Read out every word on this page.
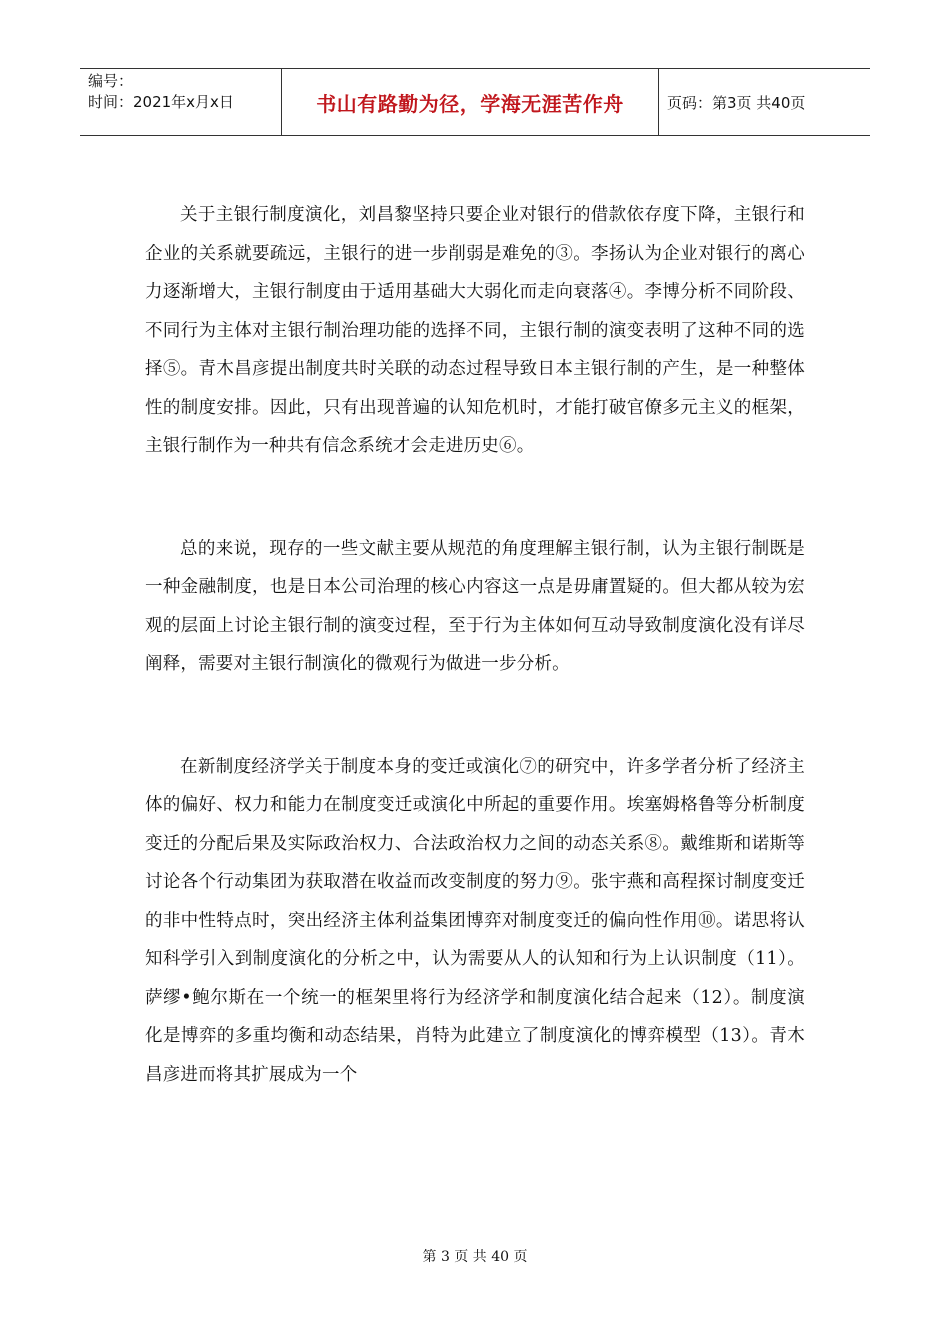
编号：
时间：2021年x月x日	书山有路勤为径，学海无涯苦作舟	页码：第3页 共40页

关于主银行制度演化，刘昌黎坚持只要企业对银行的借款依存度下降，主银行和企业的关系就要疏远，主银行的进一步削弱是难免的③。李扬认为企业对银行的离心力逐渐增大，主银行制度由于适用基础大大弱化而走向衰落④。李博分析不同阶段、不同行为主体对主银行制治理功能的选择不同，主银行制的演变表明了这种不同的选择⑤。青木昌彦提出制度共时关联的动态过程导致日本主银行制的产生，是一种整体性的制度安排。因此，只有出现普遍的认知危机时，才能打破官僚多元主义的框架，主银行制作为一种共有信念系统才会走进历史⑥。

总的来说，现存的一些文献主要从规范的角度理解主银行制，认为主银行制既是一种金融制度，也是日本公司治理的核心内容这一点是毋庸置疑的。但大都从较为宏观的层面上讨论主银行制的演变过程，至于行为主体如何互动导致制度演化没有详尽阐释，需要对主银行制演化的微观行为做进一步分析。

在新制度经济学关于制度本身的变迁或演化⑦的研究中，许多学者分析了经济主体的偏好、权力和能力在制度变迁或演化中所起的重要作用。埃塞姆格鲁等分析制度变迁的分配后果及实际政治权力、合法政治权力之间的动态关系⑧。戴维斯和诺斯等讨论各个行动集团为获取潜在收益而改变制度的努力⑨。张宇燕和高程探讨制度变迁的非中性特点时，突出经济主体利益集团博弈对制度变迁的偏向性作用⑩。诺思将认知科学引入到制度演化的分析之中，认为需要从人的认知和行为上认识制度（11）。萨缪•鲍尔斯在一个统一的框架里将行为经济学和制度演化结合起来（12）。制度演化是博弈的多重均衡和动态结果，肖特为此建立了制度演化的博弈模型（13）。青木昌彦进而将其扩展成为一个

第 3 页 共 40 页
